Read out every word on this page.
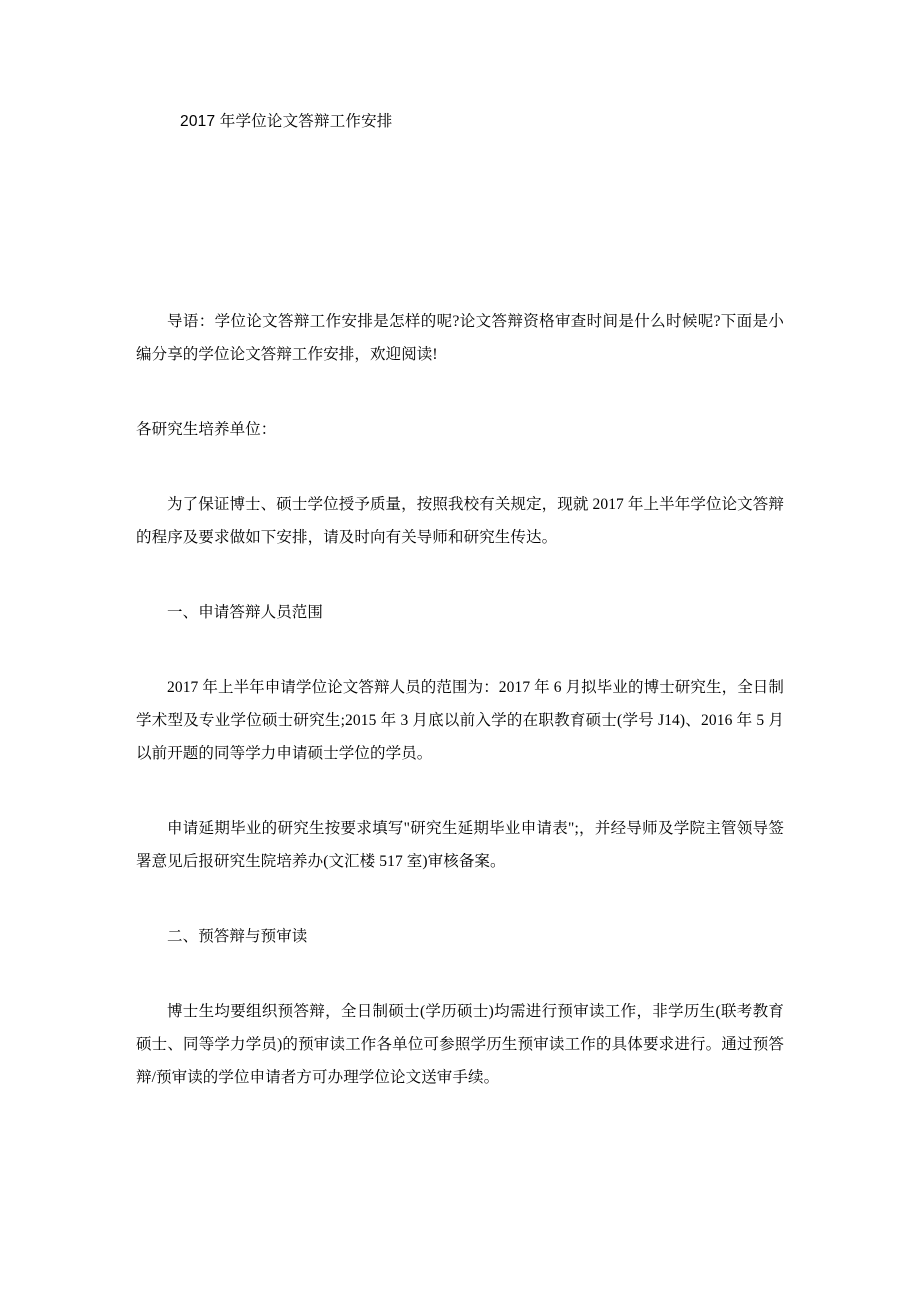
2017 年学位论文答辩工作安排

导语：学位论文答辩工作安排是怎样的呢?论文答辩资格审查时间是什么时候呢?下面是小编分享的学位论文答辩工作安排，欢迎阅读!

各研究生培养单位：

为了保证博士、硕士学位授予质量，按照我校有关规定，现就 2017 年上半年学位论文答辩的程序及要求做如下安排，请及时向有关导师和研究生传达。

一、申请答辩人员范围

2017 年上半年申请学位论文答辩人员的范围为：2017 年 6 月拟毕业的博士研究生，全日制学术型及专业学位硕士研究生;2015 年 3 月底以前入学的在职教育硕士(学号 J14)、2016 年 5 月以前开题的同等学力申请硕士学位的学员。

申请延期毕业的研究生按要求填写"研究生延期毕业申请表";，并经导师及学院主管领导签署意见后报研究生院培养办(文汇楼 517 室)审核备案。

二、预答辩与预审读

博士生均要组织预答辩，全日制硕士(学历硕士)均需进行预审读工作，非学历生(联考教育硕士、同等学力学员)的预审读工作各单位可参照学历生预审读工作的具体要求进行。通过预答辩/预审读的学位申请者方可办理学位论文送审手续。
